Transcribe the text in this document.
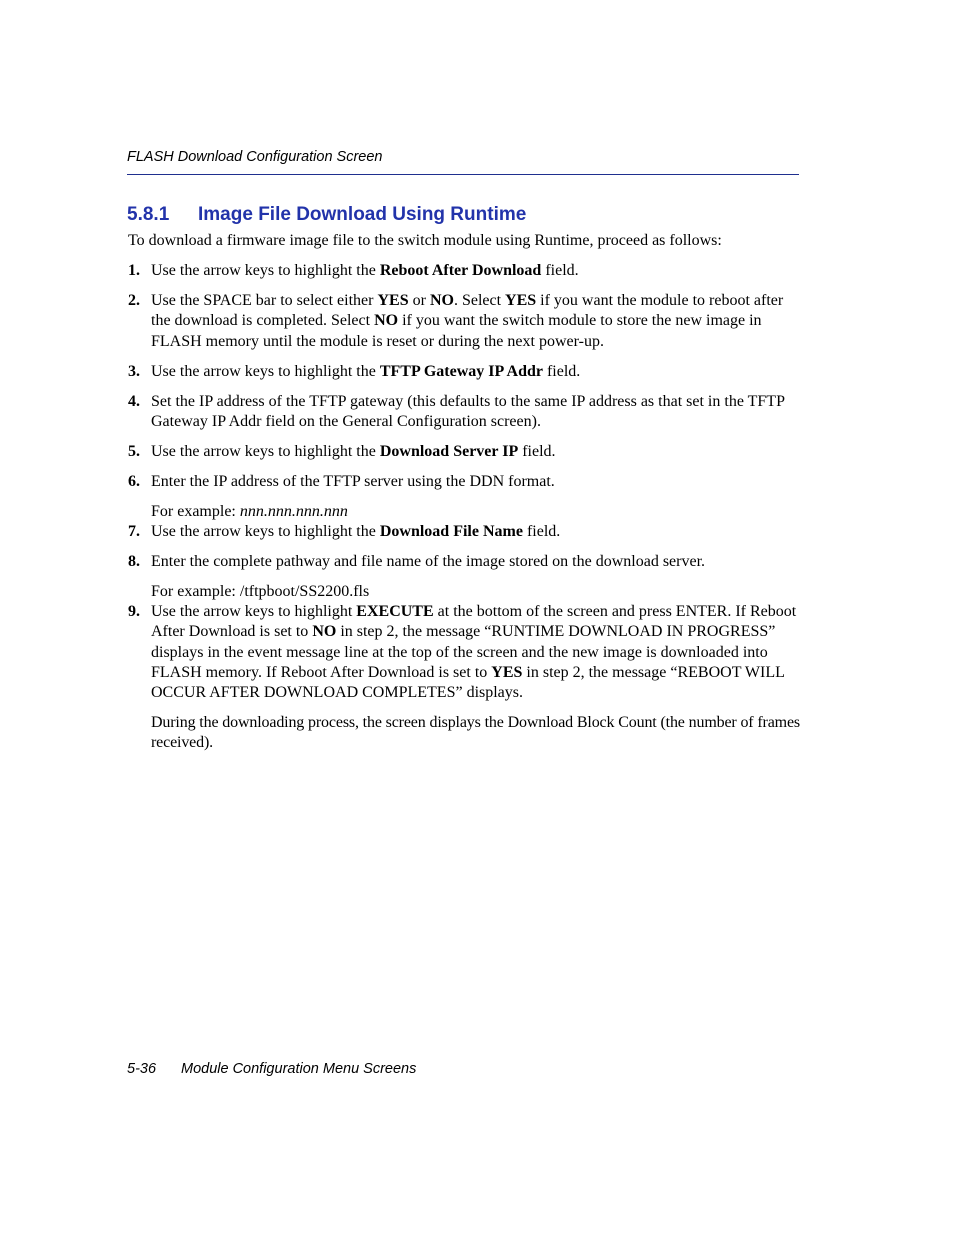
FLASH Download Configuration Screen
5.8.1 Image File Download Using Runtime

To download a firmware image file to the switch module using Runtime, proceed as follows:

1. Use the arrow keys to highlight the Reboot After Download field.
2. Use the SPACE bar to select either YES or NO. Select YES if you want the module to reboot after the download is completed. Select NO if you want the switch module to store the new image in FLASH memory until the module is reset or during the next power-up.
3. Use the arrow keys to highlight the TFTP Gateway IP Addr field.
4. Set the IP address of the TFTP gateway (this defaults to the same IP address as that set in the TFTP Gateway IP Addr field on the General Configuration screen).
5. Use the arrow keys to highlight the Download Server IP field.
6. Enter the IP address of the TFTP server using the DDN format.

For example: nnn.nnn.nnn.nnn

7. Use the arrow keys to highlight the Download File Name field.
8. Enter the complete pathway and file name of the image stored on the download server.

For example: /tftpboot/SS2200.fls

9. Use the arrow keys to highlight EXECUTE at the bottom of the screen and press ENTER. If Reboot After Download is set to NO in step 2, the message “RUNTIME DOWNLOAD IN PROGRESS” displays in the event message line at the top of the screen and the new image is downloaded into FLASH memory. If Reboot After Download is set to YES in step 2, the message “REBOOT WILL OCCUR AFTER DOWNLOAD COMPLETES” displays.

During the downloading process, the screen displays the Download Block Count (the number of frames received).

5-36 Module Configuration Menu Screens
